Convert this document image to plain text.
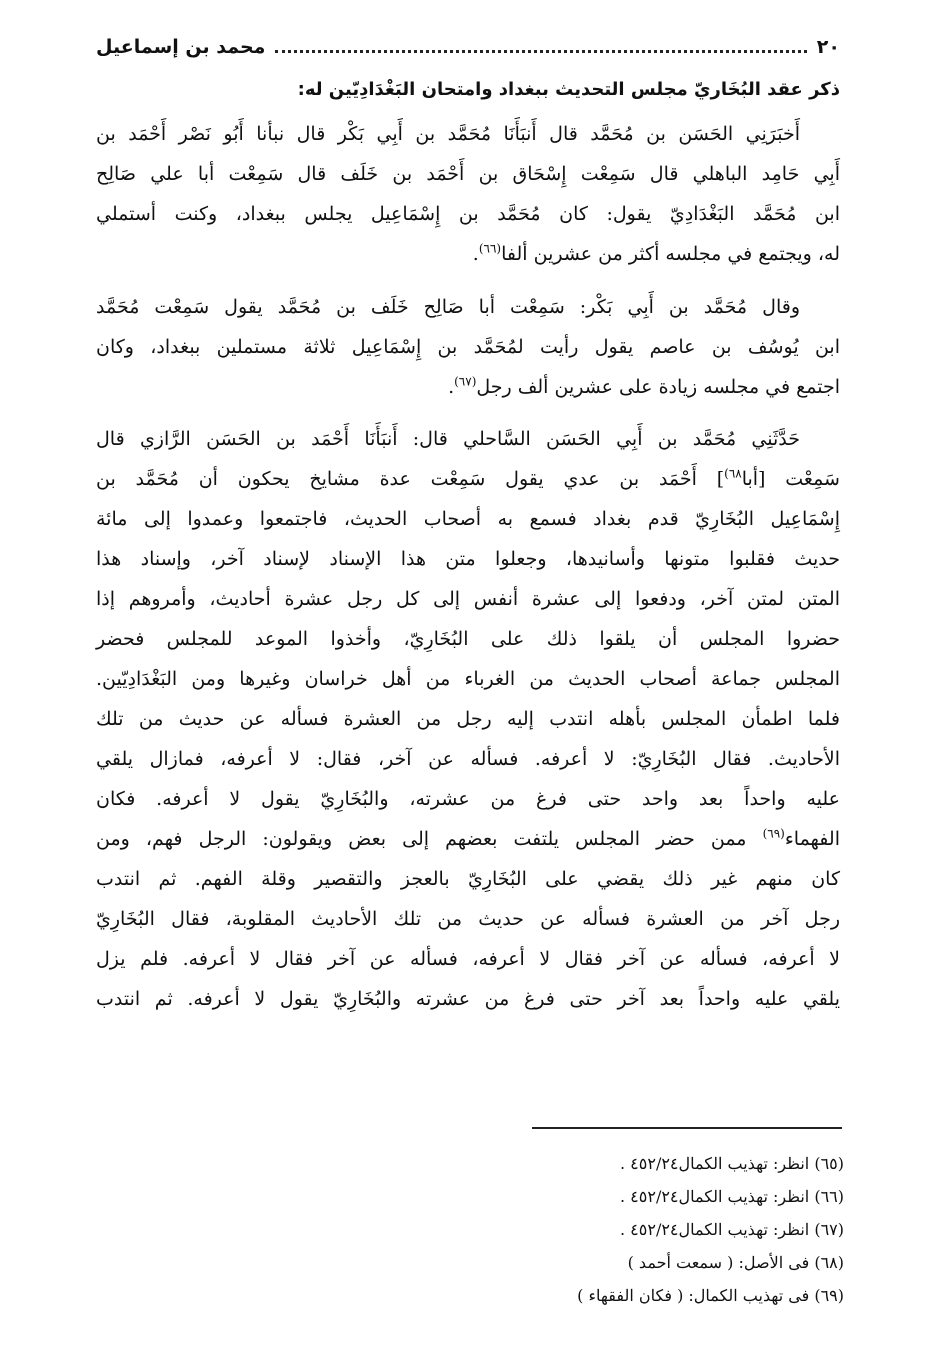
٢٠
محمد بن إسماعيل
ذكر عقد البُخَاريّ مجلس التحديث ببغداد وامتحان البَغْدَادِيّين له:
أَخبَرَنِي الحَسَن بن مُحَمَّد قال أَنبَأَنَا مُحَمَّد بن أَبِي بَكْر قال نبأنا أَبُو نَصْر أَحْمَد بن
أَبِي حَامِد الباهلي قال سَمِعْت إِسْحَاق بن أَحْمَد بن خَلَف قال سَمِعْت أبا علي صَالِح
ابن مُحَمَّد البَغْدَادِيّ يقول: كان مُحَمَّد بن إِسْمَاعِيل يجلس ببغداد، وكنت أستملي
له، ويجتمع في مجلسه أكثر من عشرين ألفا$^{(٦٦)}$.
وقال مُحَمَّد بن أَبِي بَكْر: سَمِعْت أبا صَالِح خَلَف بن مُحَمَّد يقول سَمِعْت مُحَمَّد
ابن يُوسُف بن عاصم يقول رأيت لمُحَمَّد بن إِسْمَاعِيل ثلاثة مستملين ببغداد، وكان
اجتمع في مجلسه زيادة على عشرين ألف رجل$^{(٦٧)}$.
حَدَّثَنِي مُحَمَّد بن أَبِي الحَسَن السَّاحلي قال: أَنبَأَنَا أَحْمَد بن الحَسَن الرَّازي قال
سَمِعْت [أبا$^{٦٨)}$] أَحْمَد بن عدي يقول سَمِعْت عدة مشايخ يحكون أن مُحَمَّد بن
إِسْمَاعِيل البُخَارِيّ قدم بغداد فسمع به أصحاب الحديث، فاجتمعوا وعمدوا إلى مائة
حديث فقلبوا متونها وأسانيدها، وجعلوا متن هذا الإسناد لإسناد آخر، وإسناد هذا
المتن لمتن آخر، ودفعوا إلى عشرة أنفس إلى كل رجل عشرة أحاديث، وأمروهم إذا
حضروا المجلس أن يلقوا ذلك على البُخَارِيّ، وأخذوا الموعد للمجلس فحضر
المجلس جماعة أصحاب الحديث من الغرباء من أهل خراسان وغيرها ومن البَغْدَادِيّين.
فلما اطمأن المجلس بأهله انتدب إليه رجل من العشرة فسأله عن حديث من تلك
الأحاديث. فقال البُخَارِيّ: لا أعرفه. فسأله عن آخر، فقال: لا أعرفه، فمازال يلقي
عليه واحداً بعد واحد حتى فرغ من عشرته، والبُخَارِيّ يقول لا أعرفه. فكان
الفهماء$^{(٦٩)}$ ممن حضر المجلس يلتفت بعضهم إلى بعض ويقولون: الرجل فهم، ومن
كان منهم غير ذلك يقضي على البُخَارِيّ بالعجز والتقصير وقلة الفهم. ثم انتدب
رجل آخر من العشرة فسأله عن حديث من تلك الأحاديث المقلوبة، فقال البُخَارِيّ
لا أعرفه، فسأله عن آخر فقال لا أعرفه، فسأله عن آخر فقال لا أعرفه. فلم يزل
يلقي عليه واحداً بعد آخر حتى فرغ من عشرته والبُخَارِيّ يقول لا أعرفه. ثم انتدب
(٦٥) انظر: تهذيب الكمال٤٥٢/٢٤ .
(٦٦) انظر: تهذيب الكمال٤٥٢/٢٤ .
(٦٧) انظر: تهذيب الكمال٤٥٢/٢٤ .
(٦٨) فى الأصل: ( سمعت أحمد )
(٦٩) فى تهذيب الكمال: ( فكان الفقهاء )
